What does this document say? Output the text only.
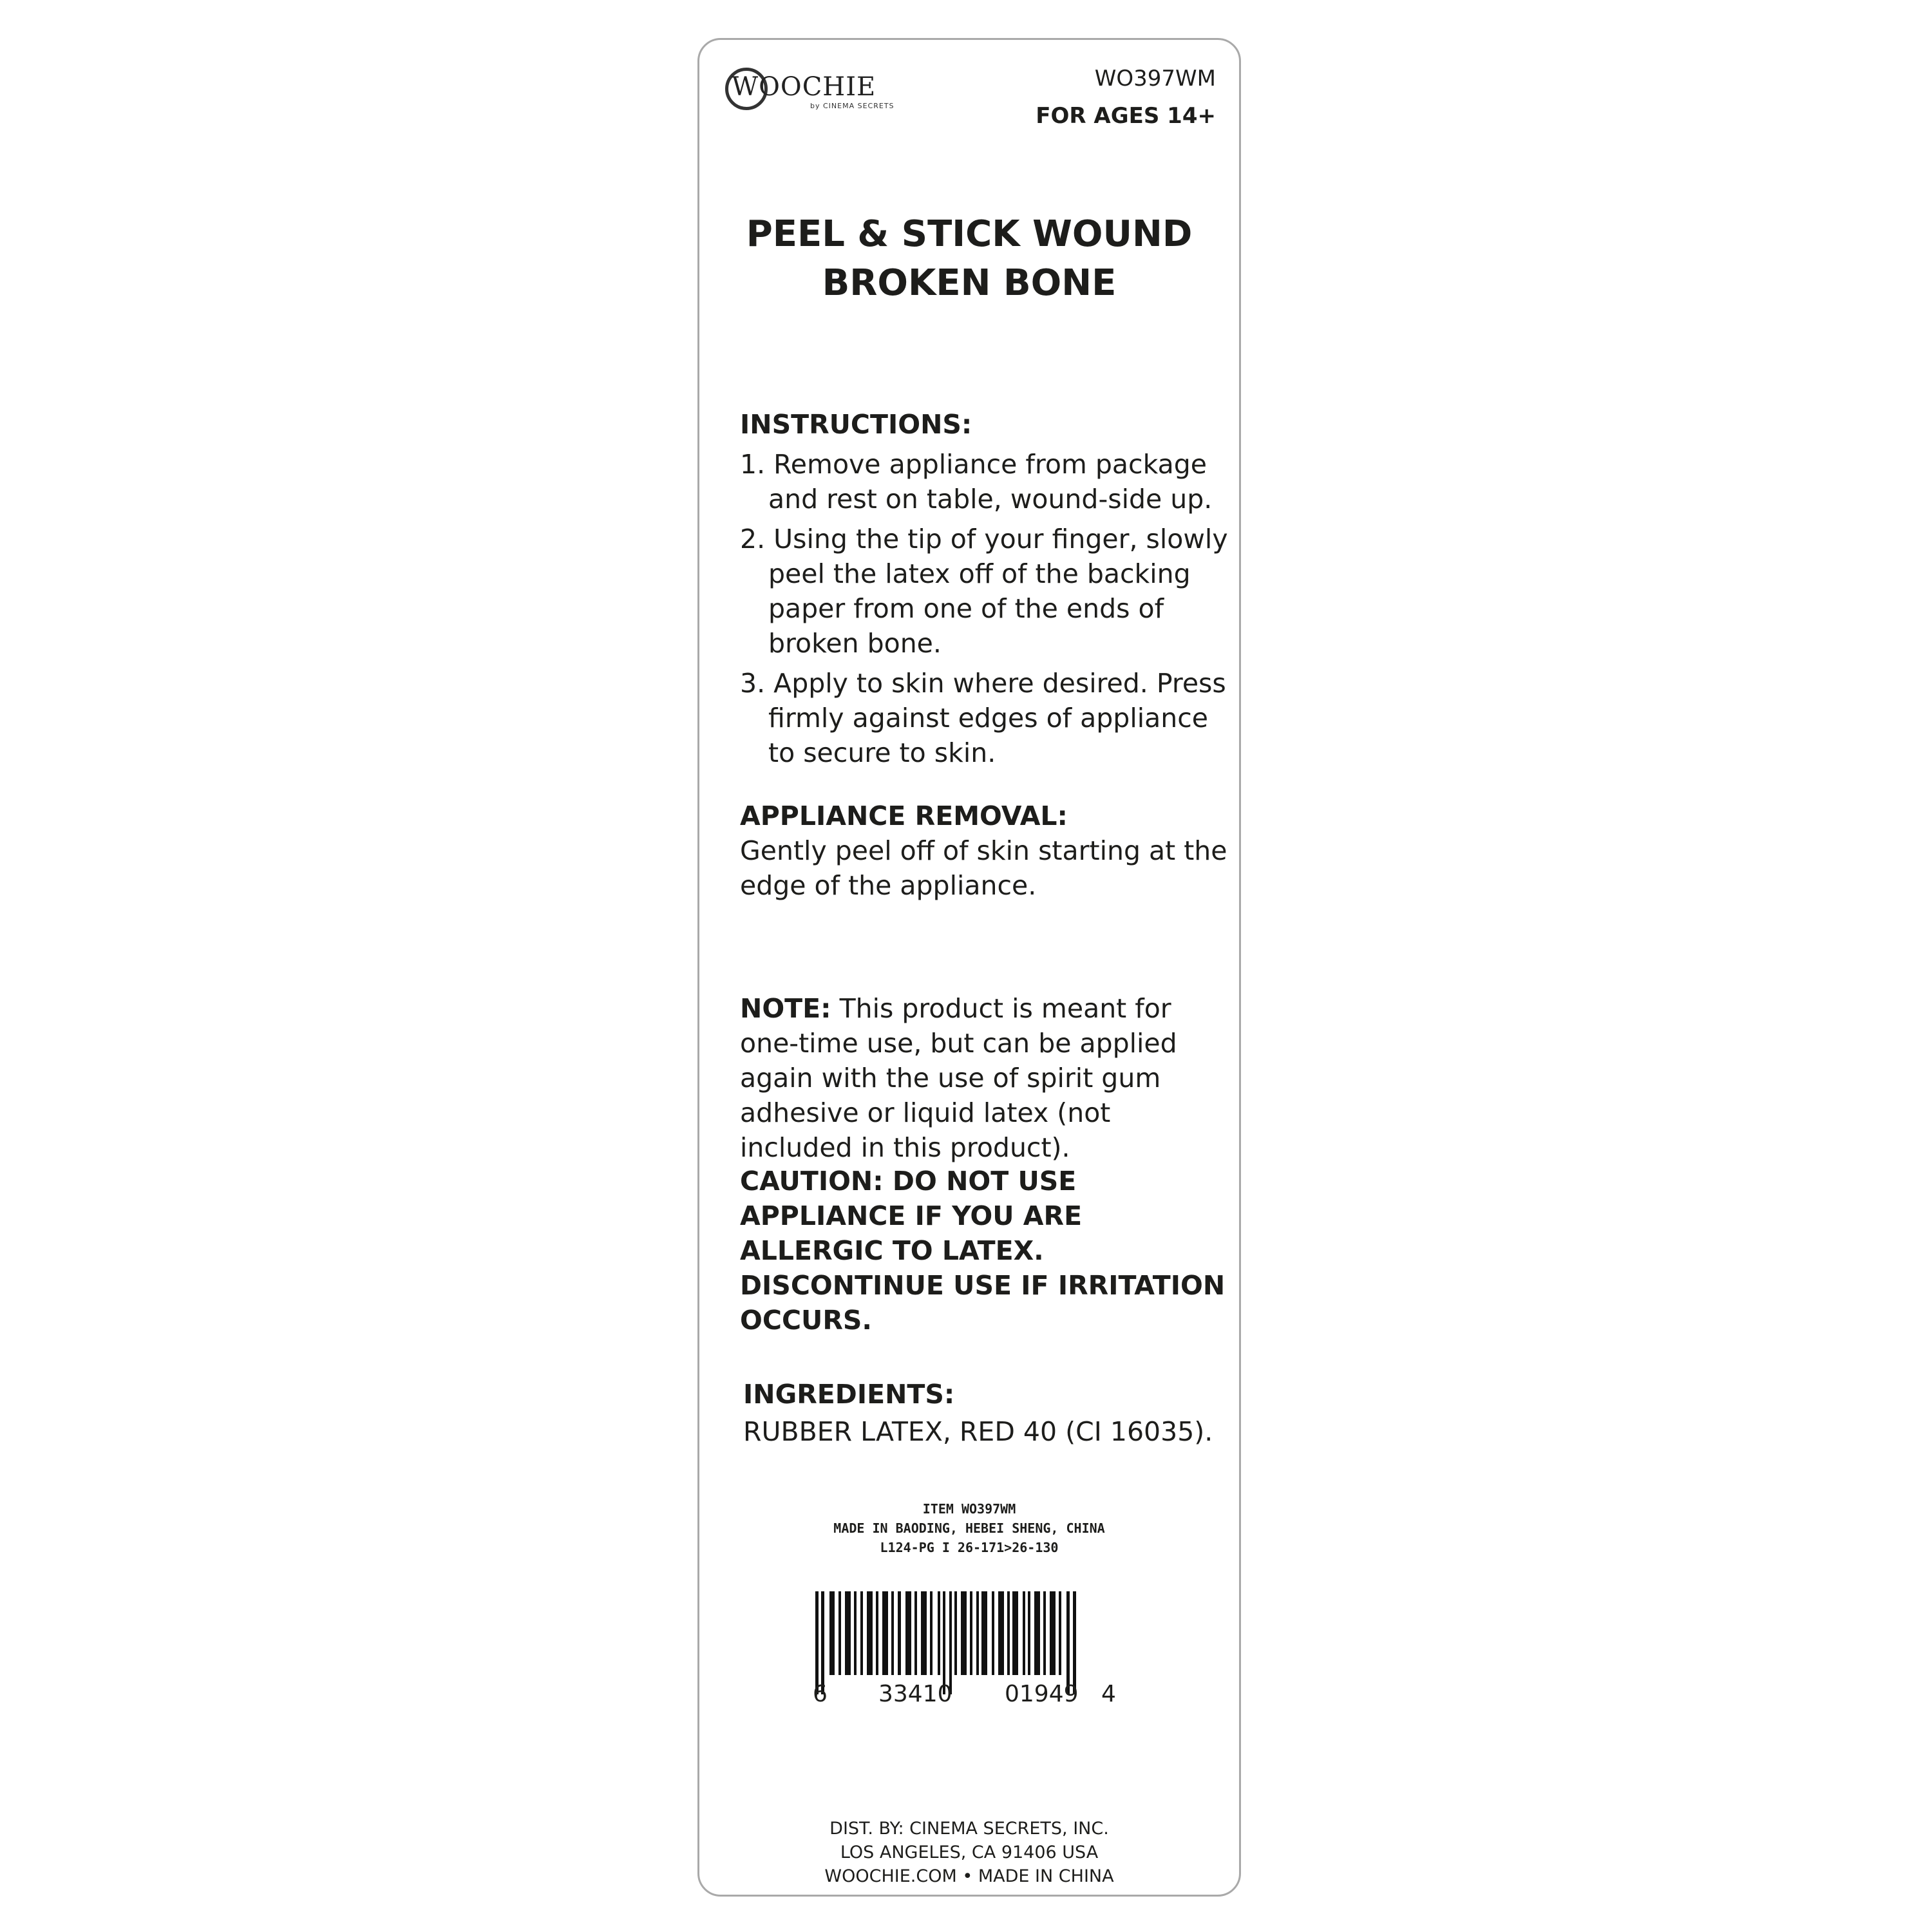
WOOCHIE
by CINEMA SECRETS
WO397WM
FOR AGES 14+
PEEL & STICK WOUND
BROKEN BONE
INSTRUCTIONS:
1. Remove appliance from package and rest on table, wound-side up.
2. Using the tip of your finger, slowly peel the latex off of the backing paper from one of the ends of broken bone.
3. Apply to skin where desired. Press firmly against edges of appliance to secure to skin.
APPLIANCE REMOVAL:
Gently peel off of skin starting at the edge of the appliance.
NOTE: This product is meant for one-time use, but can be applied again with the use of spirit gum adhesive or liquid latex (not included in this product).
CAUTION: DO NOT USE APPLIANCE IF YOU ARE ALLERGIC TO LATEX. DISCONTINUE USE IF IRRITATION OCCURS.
INGREDIENTS:
RUBBER LATEX, RED 40 (CI 16035).
ITEM WO397WM
MADE IN BAODING, HEBEI SHENG, CHINA
L124-PG I 26-171>26-130
6 33410 01949 4
DIST. BY: CINEMA SECRETS, INC.
LOS ANGELES, CA 91406 USA
WOOCHIE.COM • MADE IN CHINA
